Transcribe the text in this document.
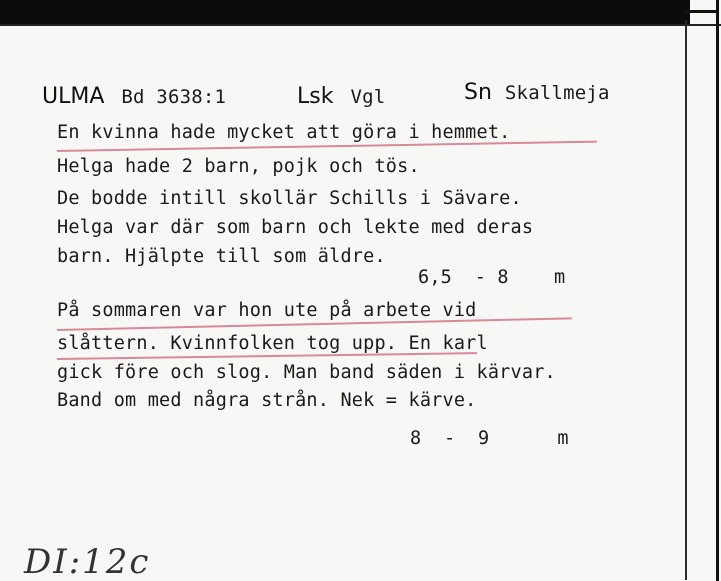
ULMA Bd 3638:1	Lsk Vgl	Sn Skallmeja
En kvinna hade mycket att göra i hemmet.
Helga hade 2 barn, pojk och tös.
De bodde intill skollär Schills i Sävare.
Helga var där som barn och lekte med deras
barn. Hjälpte till som äldre.
6,5  - 8    m
På sommaren var hon ute på arbete vid
slåttern. Kvinnfolken tog upp. En karl
gick före och slog. Man band säden i kärvar.
Band om med några strån. Nek = kärve.
8  -  9      m
DI:12c
